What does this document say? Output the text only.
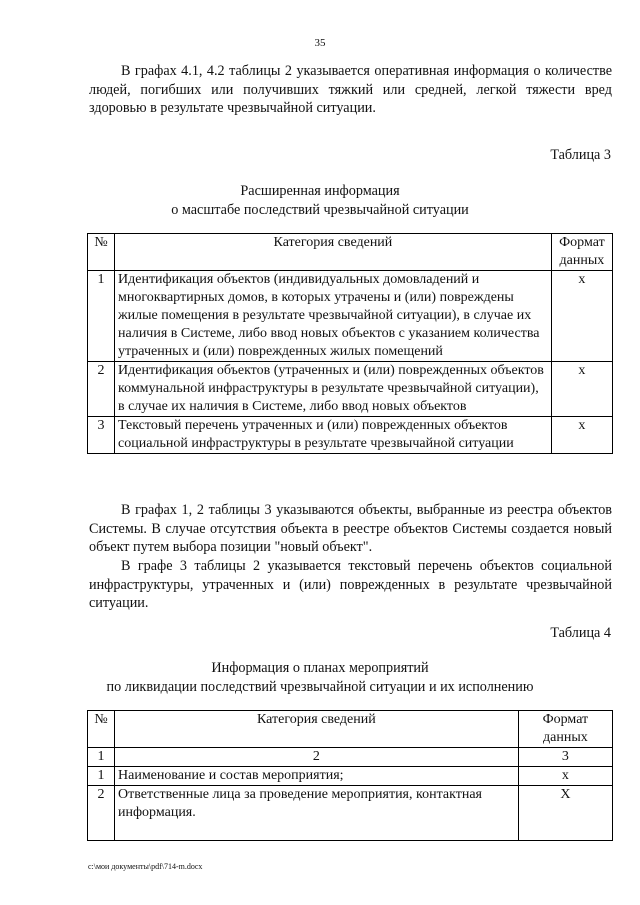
35

В графах 4.1, 4.2 таблицы 2 указывается оперативная информация о количестве людей, погибших или получивших тяжкий или средней, легкой тяжести вред здоровью в результате чрезвычайной ситуации.

Таблица 3
Расширенная информация
о масштабе последствий чрезвычайной ситуации
№	Категория сведений	Формат данных
1	Идентификация объектов (индивидуальных домовладений и многоквартирных домов, в которых утрачены и (или) повреждены жилые помещения в результате чрезвычайной ситуации), в случае их наличия в Системе, либо ввод новых объектов с указанием количества утраченных и (или) поврежденных жилых помещений	x
2	Идентификация объектов (утраченных и (или) поврежденных объектов коммунальной инфраструктуры в результате чрезвычайной ситуации), в случае их наличия в Системе, либо ввод новых объектов	x
3	Текстовый перечень утраченных и (или) поврежденных объектов социальной инфраструктуры в результате чрезвычайной ситуации	x

В графах 1, 2 таблицы 3 указываются объекты, выбранные из реестра объектов Системы. В случае отсутствия объекта в реестре объектов Системы создается новый объект путем выбора позиции "новый объект".

В графе 3 таблицы 2 указывается текстовый перечень объектов социальной инфраструктуры, утраченных и (или) поврежденных в результате чрезвычайной ситуации.

Таблица 4
Информация о планах мероприятий
по ликвидации последствий чрезвычайной ситуации и их исполнению
№	Категория сведений	Формат данных
1	2	3
1	Наименование и состав мероприятия;	x
2	Ответственные лица за проведение мероприятия, контактная информация.	X
c:\мои документы\pdf\714-m.docx
